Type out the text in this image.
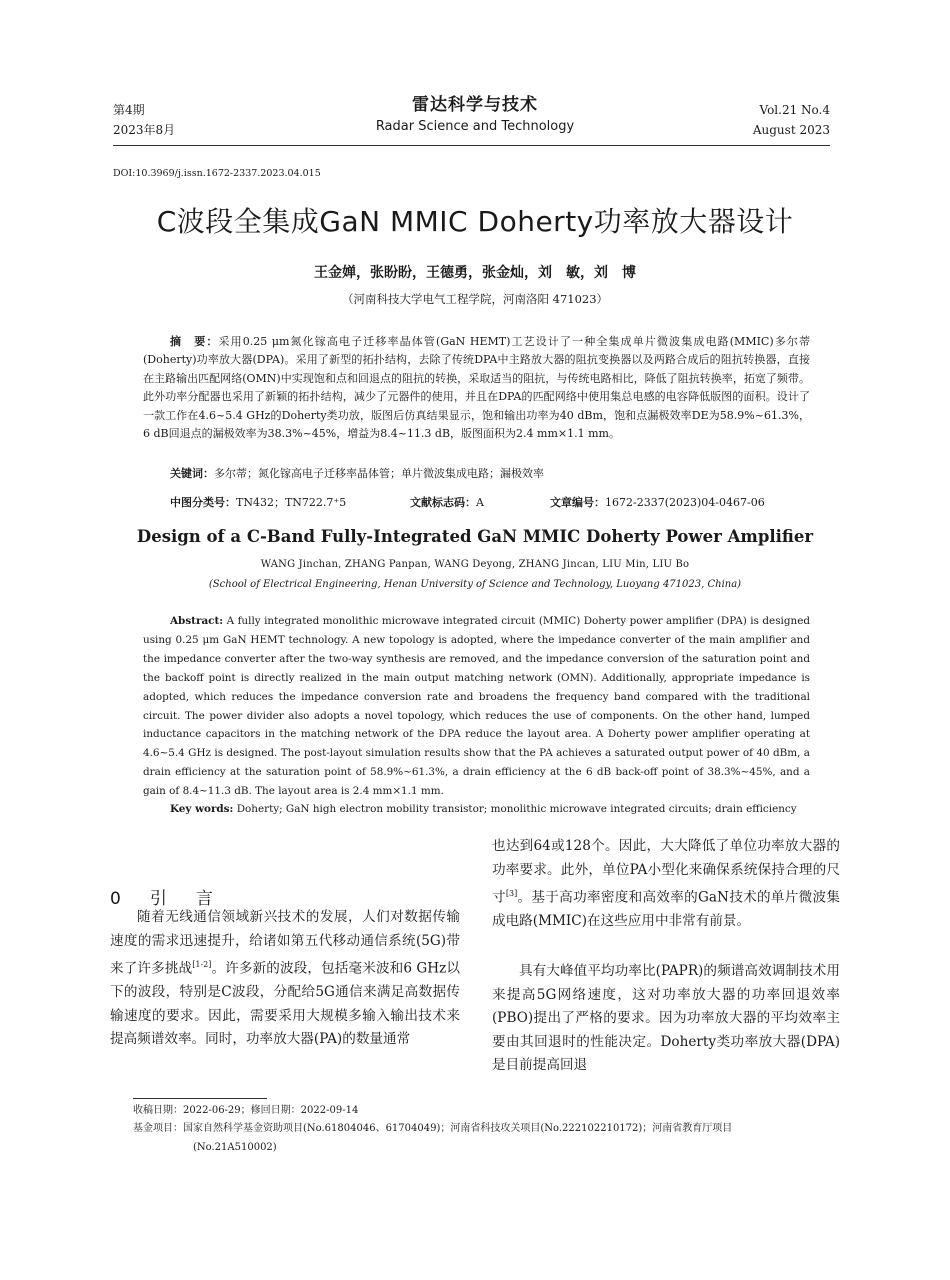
第4期
2023年8月
雷达科学与技术
Radar Science and Technology
Vol.21 No.4
August 2023
DOI:10.3969/j.issn.1672-2337.2023.04.015
C波段全集成GaN MMIC Doherty功率放大器设计
王金婵，张盼盼，王德勇，张金灿，刘　敏，刘　博
（河南科技大学电气工程学院，河南洛阳 471023）
摘　要：采用0.25 μm氮化镓高电子迁移率晶体管(GaN HEMT)工艺设计了一种全集成单片微波集成电路(MMIC)多尔蒂(Doherty)功率放大器(DPA)。采用了新型的拓扑结构，去除了传统DPA中主路放大器的阻抗变换器以及两路合成后的阻抗转换器，直接在主路输出匹配网络(OMN)中实现饱和点和回退点的阻抗的转换，采取适当的阻抗，与传统电路相比，降低了阻抗转换率，拓宽了频带。此外功率分配器也采用了新颖的拓扑结构，减少了元器件的使用，并且在DPA的匹配网络中使用集总电感的电容降低版图的面积。设计了一款工作在4.6~5.4 GHz的Doherty类功放，版图后仿真结果显示，饱和输出功率为40 dBm，饱和点漏极效率DE为58.9%~61.3%，6 dB回退点的漏极效率为38.3%~45%，增益为8.4~11.3 dB，版图面积为2.4 mm×1.1 mm。
关键词：多尔蒂；氮化镓高电子迁移率晶体管；单片微波集成电路；漏极效率
中图分类号：TN432；TN722.7⁺5	文献标志码：A	文章编号：1672-2337(2023)04-0467-06
Design of a C-Band Fully-Integrated GaN MMIC Doherty Power Amplifier
WANG Jinchan, ZHANG Panpan, WANG Deyong, ZHANG Jincan, LIU Min, LIU Bo
(School of Electrical Engineering, Henan University of Science and Technology, Luoyang 471023, China)
Abstract: A fully integrated monolithic microwave integrated circuit (MMIC) Doherty power amplifier (DPA) is designed using 0.25 μm GaN HEMT technology. A new topology is adopted, where the impedance converter of the main amplifier and the impedance converter after the two-way synthesis are removed, and the impedance conversion of the saturation point and the backoff point is directly realized in the main output matching network (OMN). Additionally, appropriate impedance is adopted, which reduces the impedance conversion rate and broadens the frequency band compared with the traditional circuit. The power divider also adopts a novel topology, which reduces the use of components. On the other hand, lumped inductance capacitors in the matching network of the DPA reduce the layout area. A Doherty power amplifier operating at 4.6~5.4 GHz is designed. The post-layout simulation results show that the PA achieves a saturated output power of 40 dBm, a drain efficiency at the saturation point of 58.9%~61.3%, a drain efficiency at the 6 dB back-off point of 38.3%~45%, and a gain of 8.4~11.3 dB. The layout area is 2.4 mm×1.1 mm.
Key words: Doherty; GaN high electron mobility transistor; monolithic microwave integrated circuits; drain efficiency
0　引　言
随着无线通信领域新兴技术的发展，人们对数据传输速度的需求迅速提升，给诸如第五代移动通信系统(5G)带来了许多挑战[1-2]。许多新的波段，包括毫米波和6 GHz以下的波段，特别是C波段，分配给5G通信来满足高数据传输速度的要求。因此，需要采用大规模多输入输出技术来提高频谱效率。同时，功率放大器(PA)的数量通常
也达到64或128个。因此，大大降低了单位功率放大器的功率要求。此外，单位PA小型化来确保系统保持合理的尺寸[3]。基于高功率密度和高效率的GaN技术的单片微波集成电路(MMIC)在这些应用中非常有前景。
具有大峰值平均功率比(PAPR)的频谱高效调制技术用来提高5G网络速度，这对功率放大器的功率回退效率(PBO)提出了严格的要求。因为功率放大器的平均效率主要由其回退时的性能决定。Doherty类功率放大器(DPA)是目前提高回退
收稿日期：2022-06-29；修回日期：2022-09-14
基金项目：国家自然科学基金资助项目(No.61804046、61704049)；河南省科技攻关项目(No.222102210172)；河南省教育厅项目
(No.21A510002)
